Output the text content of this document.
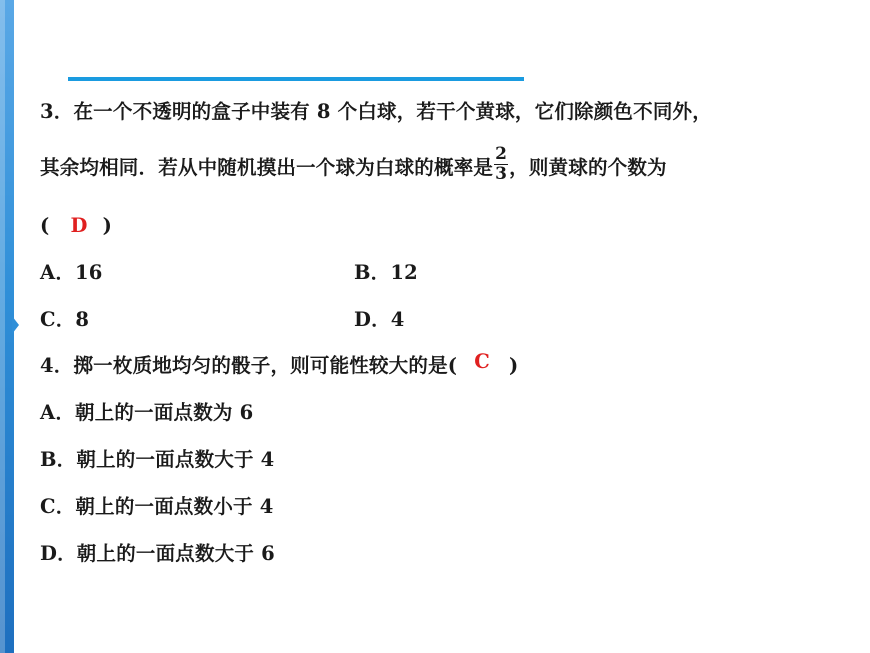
3．在一个不透明的盒子中装有 8 个白球，若干个黄球，它们除颜色不同外，
其余均相同．若从中随机摸出一个球为白球的概率是 $\frac{2}{3}$ ，则黄球的个数为
( D )
A．16	B．12
C．8	D．4
4．掷一枚质地均匀的骰子，则可能性较大的是( C )
A．朝上的一面点数为 6
B．朝上的一面点数大于 4
C．朝上的一面点数小于 4
D．朝上的一面点数大于 6
